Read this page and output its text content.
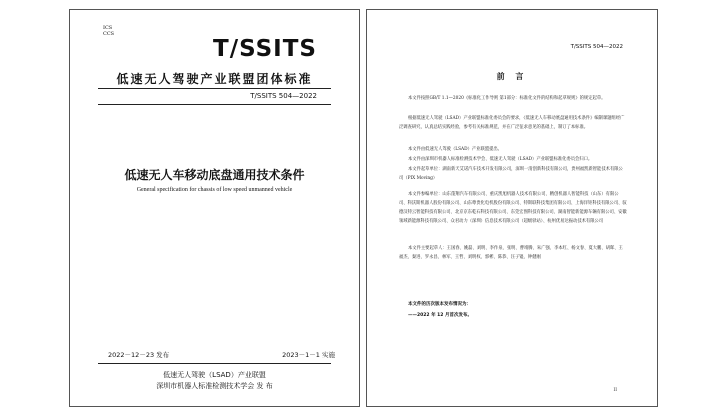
ICS
CCS
T/SSITS
低速无人驾驶产业联盟团体标准
T/SSITS 504—2022
低速无人车移动底盘通用技术条件
General specification for chassis of low speed unmanned vehicle
2022－12－23 发布	2023－1－1 实施
低速无人驾驶（LSAD）产业联盟
深圳市机器人标准检测技术学会 发 布
T/SSITS 504—2022
前 言
本文件按照GB/T 1.1—2020《标准化工作导则 第1部分：标准化文件的结构和起草规则》的规定起草。
根据低速无人驾驶（LSAD）产业联盟标准化委员会的要求，《低速无人车移动底盘通用技术条件》编制课题组经广泛调查研究，认真总结实践经验，参考有关标准规范，并在广泛征求意见的基础上，制订了本标准。
本文件由低速无人驾驶（LSAD）产业联盟提出。
本文件由深圳市机器人标准检测技术学会、低速无人驾驶（LSAD）产业联盟标准化委员会归口。
本文件起草单位：湖南新天艾诺汽车技术开发有限公司，深圳一清创新科技有限公司，贵州福凯新智能技术有限公司（PIX Moving）
本文件参编单位：山东蓬翔汽车有限公司、重庆凯旭机器人技术有限公司、精创机器人智能科技（山东）有限公司、科沃斯机器人股份有限公司、山东尊贵化电机股份有限公司、特斯联科技集团有限公司、上海洋钜科技有限公司、驭德汉特云智能科技有限公司、北京京东乾石科技有限公司、东莞宏图科技有限公司、湖南智能新能源车辆有限公司、安徽领域新能源科技有限公司、众君动力（深圳）信息技术有限公司（超级驿站）、杭州优易达振动技术有限公司
本文件主要起草人：王国春、姚磊、刘明、李作泉、张明、曹靖腾、朱广强、李本红、杨文春、夏大鹏、胡晖、王福杰、秦进、罗永昌、林军、王哲、刘明权、郭彬、陈恭、汪子锟、钟健刚
本文件的历次版本发布情况为：
——2022 年 12 月首次发布。
II
